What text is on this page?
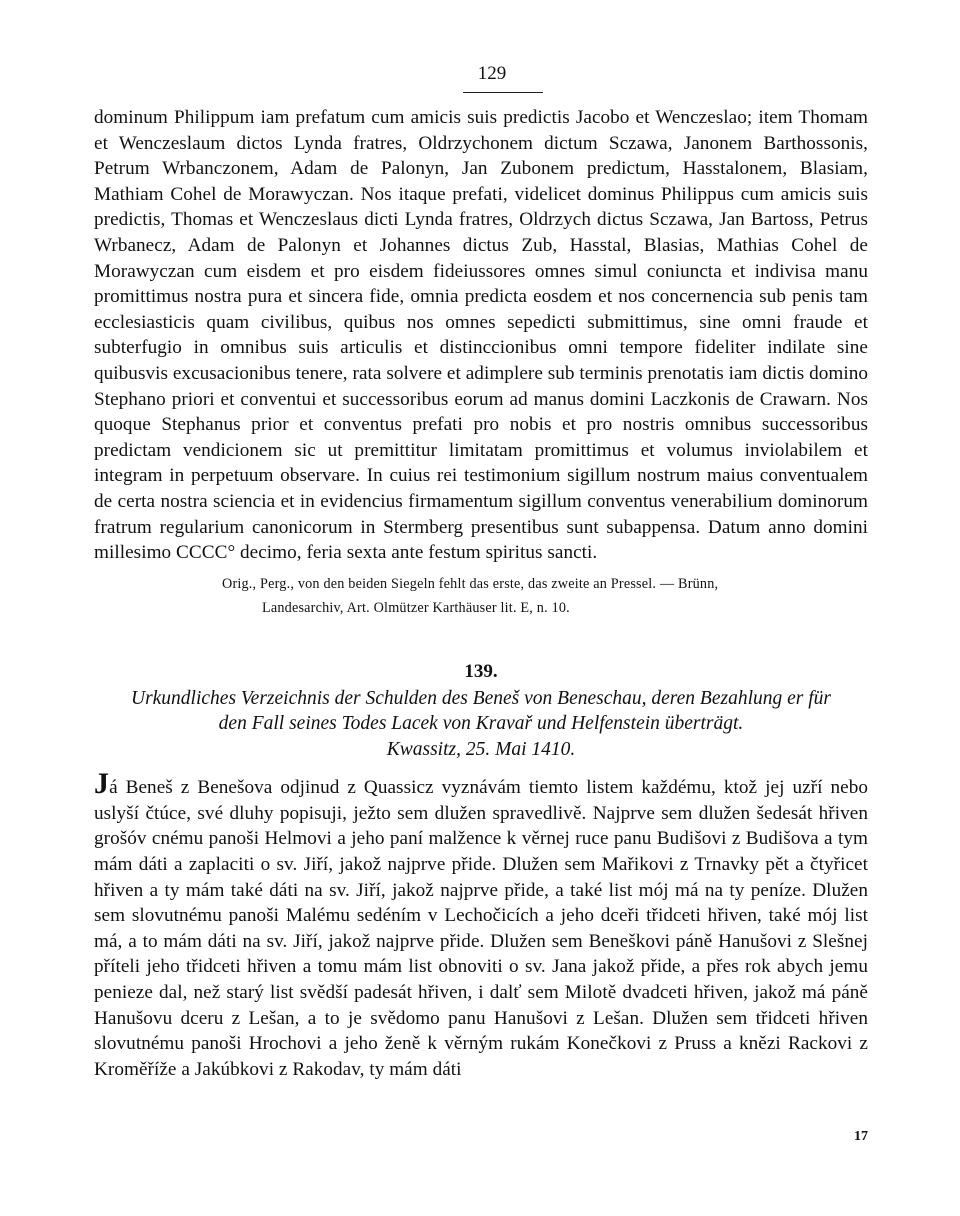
129

dominum Philippum iam prefatum cum amicis suis predictis Jacobo et Wenczeslao; item Thomam et Wenczeslaum dictos Lynda fratres, Oldrzychonem dictum Sczawa, Janonem Barthossonis, Petrum Wrbanczonem, Adam de Palonyn, Jan Zubonem predictum, Hasstalonem, Blasiam, Mathiam Cohel de Morawyczan. Nos itaque prefati, videlicet dominus Philippus cum amicis suis predictis, Thomas et Wenczeslaus dicti Lynda fratres, Oldrzych dictus Sczawa, Jan Bartoss, Petrus Wrbanecz, Adam de Palonyn et Johannes dictus Zub, Hasstal, Blasias, Mathias Cohel de Morawyczan cum eisdem et pro eisdem fideiussores omnes simul coniuncta et indivisa manu promittimus nostra pura et sincera fide, omnia predicta eosdem et nos concernencia sub penis tam ecclesiasticis quam civilibus, quibus nos omnes sepedicti submittimus, sine omni fraude et subterfugio in omnibus suis articulis et distinccionibus omni tempore fideliter indilate sine quibusvis excusacionibus tenere, rata solvere et adimplere sub terminis prenotatis iam dictis domino Stephano priori et conventui et successoribus eorum ad manus domini Laczkonis de Crawarn. Nos quoque Stephanus prior et conventus prefati pro nobis et pro nostris omnibus successoribus predictam vendicionem sic ut premittitur limitatam promittimus et volumus inviolabilem et integram in perpetuum observare. In cuius rei testimonium sigillum nostrum maius conventualem de certa nostra sciencia et in evidencius firmamentum sigillum conventus venerabilium dominorum fratrum regularium canonicorum in Stermberg presentibus sunt subappensa. Datum anno domini millesimo CCCC° decimo, feria sexta ante festum spiritus sancti.

Orig., Perg., von den beiden Siegeln fehlt das erste, das zweite an Pressel. — Brünn,
Landesarchiv, Art. Olmützer Karthäuser lit. E, n. 10.
139.
Urkundliches Verzeichnis der Schulden des Beneš von Beneschau, deren Bezahlung er für
den Fall seines Todes Lacek von Kravař und Helfenstein überträgt.
Kwassitz, 25. Mai 1410.

Já Beneš z Benešova odjinud z Quassicz vyznávám tiemto listem každému, ktož jej uzří nebo uslyší čtúce, své dluhy popisuji, ježto sem dlužen spravedlivě. Najprve sem dlužen šedesát hřiven grošóv cnému panoši Helmovi a jeho paní malžence k věrnej ruce panu Budišovi z Budišova a tym mám dáti a zaplaciti o sv. Jiří, jakož najprve přide. Dlužen sem Mařikovi z Trnavky pět a čtyřicet hřiven a ty mám také dáti na sv. Jiří, jakož najprve přide, a také list mój má na ty peníze. Dlužen sem slovutnému panoši Malému sedéním v Lechočicích a jeho dceři třidceti hřiven, také mój list má, a to mám dáti na sv. Jiří, jakož najprve přide. Dlužen sem Beneškovi páně Hanušovi z Slešnej příteli jeho třidceti hřiven a tomu mám list obnoviti o sv. Jana jakož přide, a přes rok abych jemu penieze dal, než starý list svědší padesát hřiven, i dalť sem Milotě dvadceti hřiven, jakož má páně Hanušovu dceru z Lešan, a to je svědomo panu Hanušovi z Lešan. Dlužen sem třidceti hřiven slovutnému panoši Hrochovi a jeho ženě k věrným rukám Konečkovi z Pruss a knězi Rackovi z Kroměříže a Jakúbkovi z Rakodav, ty mám dáti

17
